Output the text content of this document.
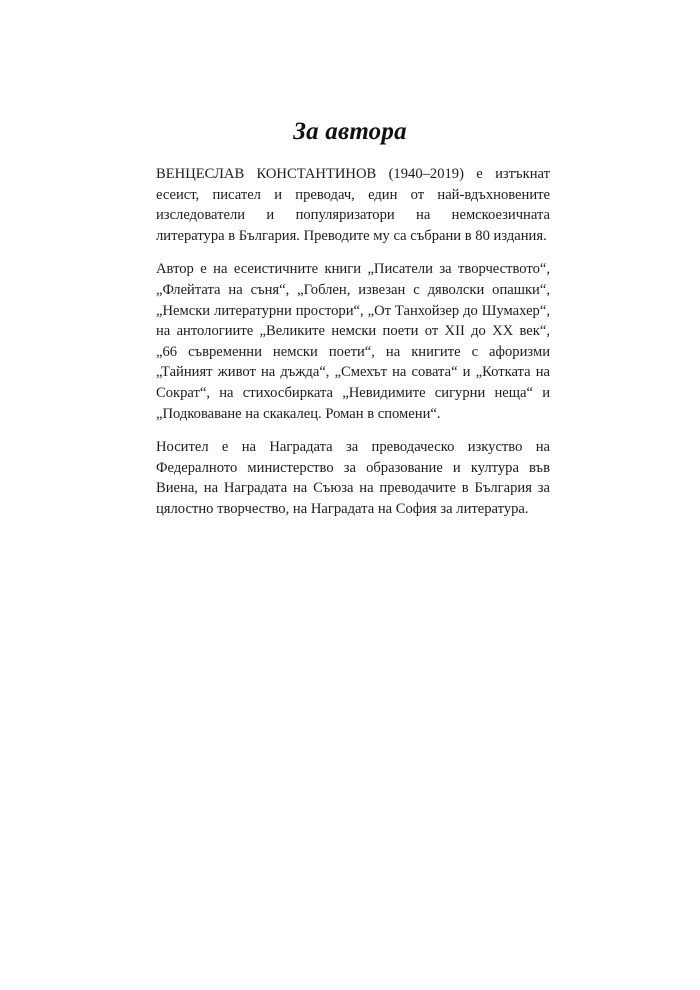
За автора

ВЕНЦЕСЛАВ КОНСТАНТИНОВ (1940–2019) е изтъкнат есеист, писател и преводач, един от най-вдъхновените изследователи и популяризатори на немскоезичната литература в България. Преводите му са събрани в 80 издания.

Автор е на есеистичните книги „Писатели за творчеството“, „Флейтата на съня“, „Гоблен, извезан с дяволски опашки“, „Немски литературни простори“, „От Танхойзер до Шумахер“, на антологиите „Великите немски поети от XII до XX век“, „66 съвременни немски поети“, на книгите с афоризми „Тайният живот на дъжда“, „Смехът на совата“ и „Котката на Сократ“, на стихосбирката „Невидимите сигурни неща“ и „Подковаване на скакалец. Роман в спомени“.

Носител е на Наградата за преводаческо изкуство на Федералното министерство за образование и култура във Виена, на Наградата на Съюза на преводачите в България за цялостно творчество, на Наградата на София за литература.
